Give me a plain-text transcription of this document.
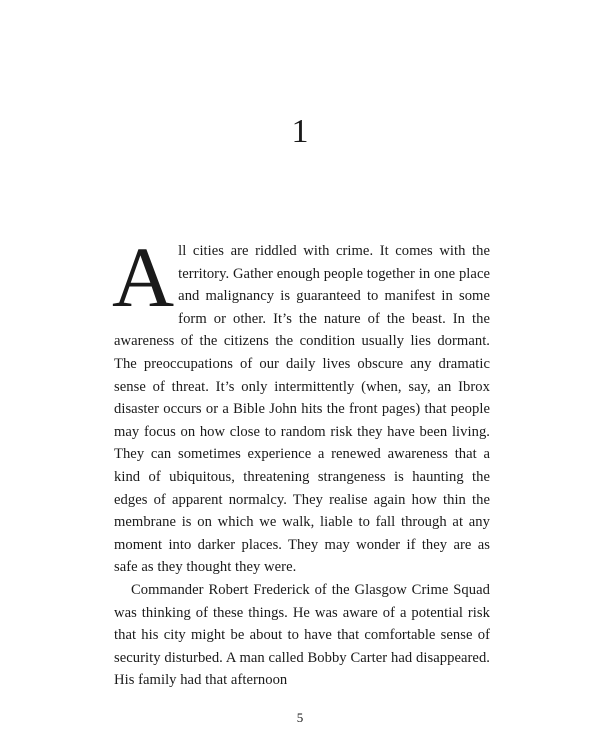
1

All cities are riddled with crime. It comes with the territory. Gather enough people together in one place and malignancy is guaranteed to manifest in some form or other. It’s the nature of the beast. In the awareness of the citizens the condition usually lies dormant. The preoccupations of our daily lives obscure any dramatic sense of threat. It’s only intermittently (when, say, an Ibrox disaster occurs or a Bible John hits the front pages) that people may focus on how close to random risk they have been living. They can sometimes experience a renewed awareness that a kind of ubiquitous, threatening strangeness is haunting the edges of apparent normalcy. They realise again how thin the membrane is on which we walk, liable to fall through at any moment into darker places. They may wonder if they are as safe as they thought they were.

Commander Robert Frederick of the Glasgow Crime Squad was thinking of these things. He was aware of a potential risk that his city might be about to have that comfortable sense of security disturbed. A man called Bobby Carter had disappeared. His family had that afternoon

5
